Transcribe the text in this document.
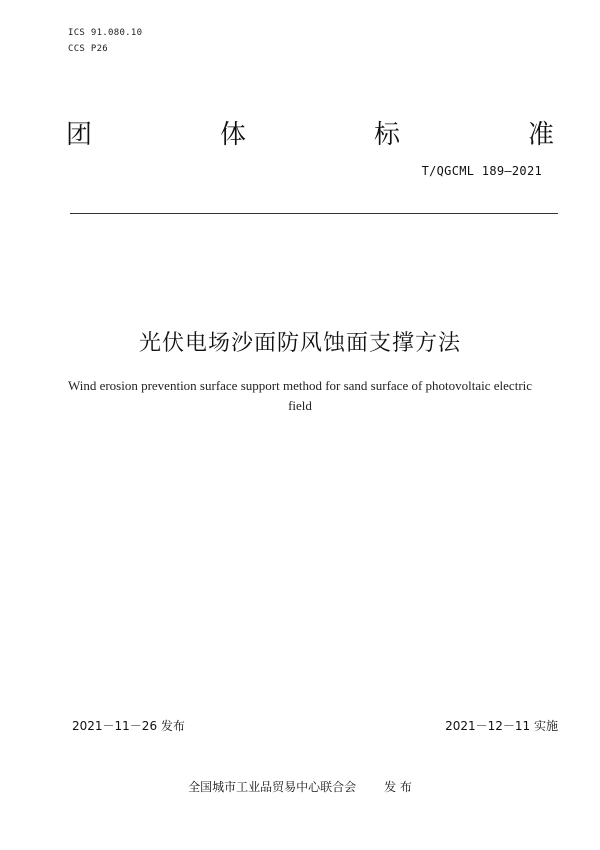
ICS 91.080.10
CCS P26
团	体	标	准
T/QGCML 189—2021
光伏电场沙面防风蚀面支撑方法
Wind erosion prevention surface support method for sand surface of photovoltaic electric field
2021－11－26 发布	2021－12－11 实施
全国城市工业品贸易中心联合会 发 布
